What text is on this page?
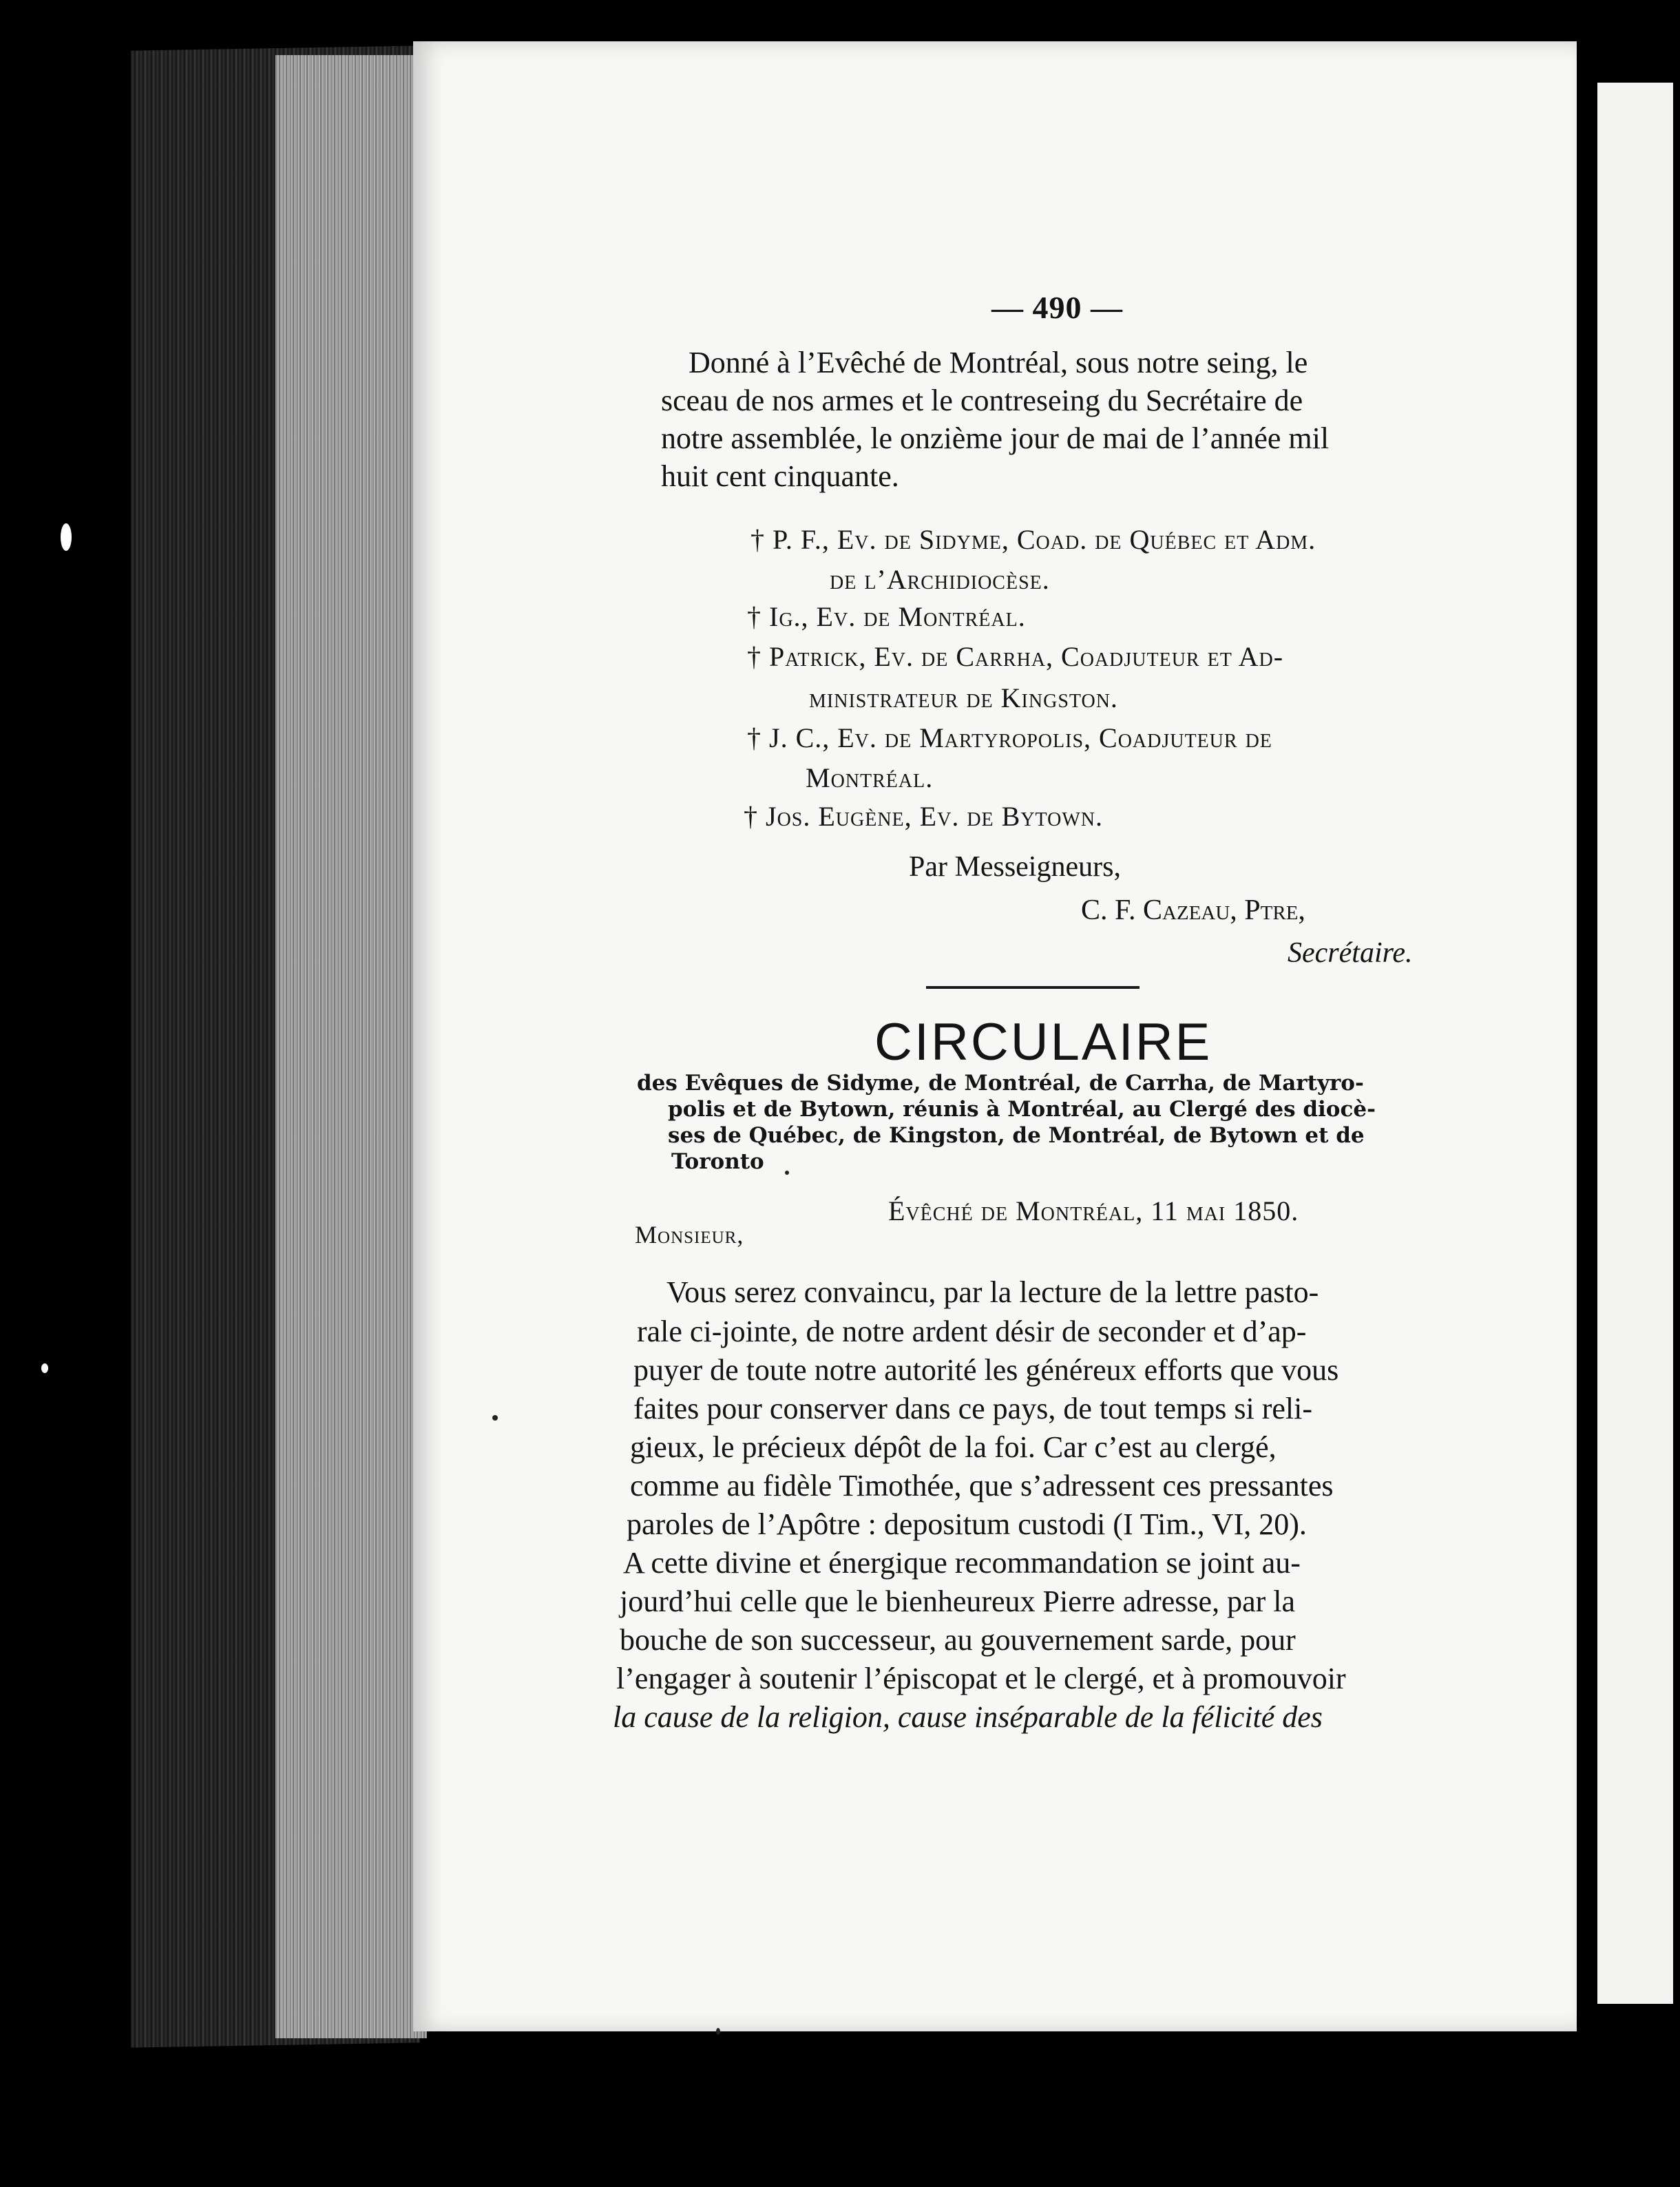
— 490 —
Donné à l’Evêché de Montréal, sous notre seing, le
sceau de nos armes et le contreseing du Secrétaire de
notre assemblée, le onzième jour de mai de l’année mil
huit cent cinquante.
† P. F., Ev. de Sidyme, Coad. de Québec et Adm.
de l’Archidiocèse.
† Ig., Ev. de Montréal.
† Patrick, Ev. de Carrha, Coadjuteur et Ad-
ministrateur de Kingston.
† J. C., Ev. de Martyropolis, Coadjuteur de
Montréal.
† Jos. Eugène, Ev. de Bytown.
Par Messeigneurs,
C. F. Cazeau, Ptre,
Secrétaire.
CIRCULAIRE
des Evêques de Sidyme, de Montréal, de Carrha, de Martyro-
polis et de Bytown, réunis à Montréal, au Clergé des diocè-
ses de Québec, de Kingston, de Montréal, de Bytown et de
Toronto
Évêché de Montréal, 11 mai 1850.
Monsieur,
Vous serez convaincu, par la lecture de la lettre pasto-
rale ci-jointe, de notre ardent désir de seconder et d’ap-
puyer de toute notre autorité les généreux efforts que vous
faites pour conserver dans ce pays, de tout temps si reli-
gieux, le précieux dépôt de la foi. Car c’est au clergé,
comme au fidèle Timothée, que s’adressent ces pressantes
paroles de l’Apôtre : depositum custodi (I Tim., VI, 20).
A cette divine et énergique recommandation se joint au-
jourd’hui celle que le bienheureux Pierre adresse, par la
bouche de son successeur, au gouvernement sarde, pour
l’engager à soutenir l’épiscopat et le clergé, et à promouvoir
la cause de la religion, cause inséparable de la félicité des
